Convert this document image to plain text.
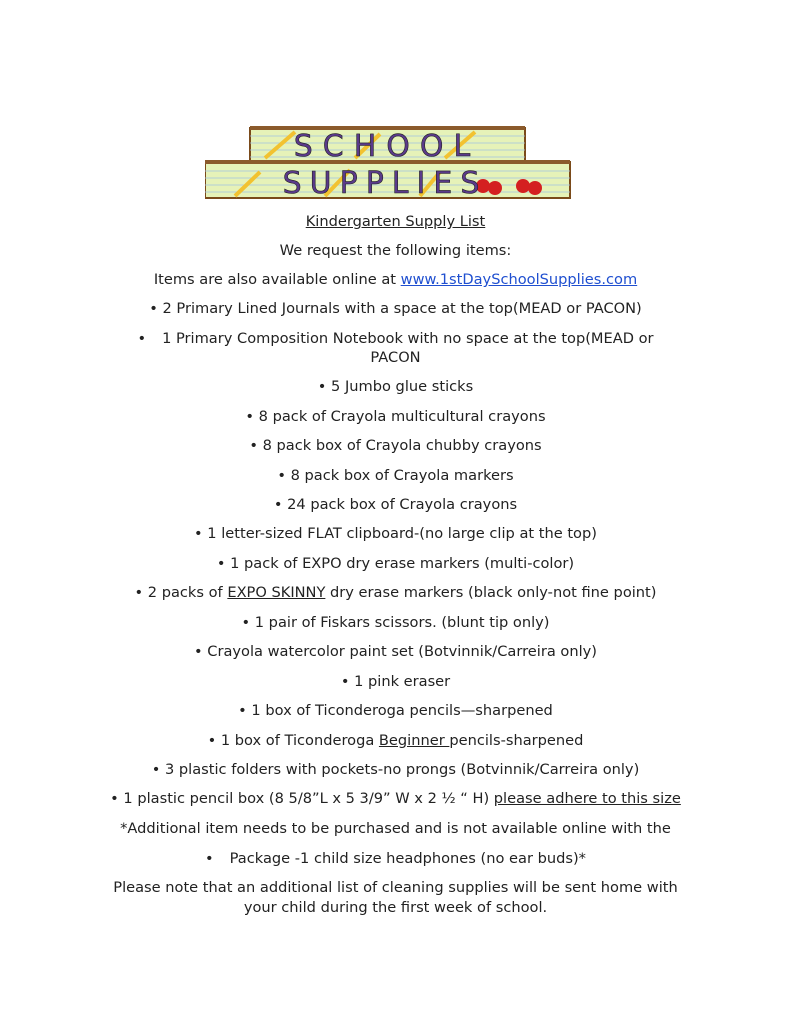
SCHOOL
SUPPLIES
Kindergarten Supply List
We request the following items:
Items are also available online at www.1stDaySchoolSupplies.com
• 2 Primary Lined Journals with a space at the top(MEAD or PACON)
• 1 Primary Composition Notebook with no space at the top(MEAD or
PACON
• 5 Jumbo glue sticks
• 8 pack of Crayola multicultural crayons
• 8 pack box of Crayola chubby crayons
• 8 pack box of Crayola markers
• 24 pack box of Crayola crayons
• 1 letter-sized FLAT clipboard-(no large clip at the top)
• 1 pack of EXPO dry erase markers (multi-color)
• 2 packs of EXPO SKINNY dry erase markers (black only-not fine point)
• 1 pair of Fiskars scissors. (blunt tip only)
• Crayola watercolor paint set (Botvinnik/Carreira only)
• 1 pink eraser
• 1 box of Ticonderoga pencils—sharpened
• 1 box of Ticonderoga Beginner pencils-sharpened
• 3 plastic folders with pockets-no prongs (Botvinnik/Carreira only)
• 1 plastic pencil box (8 5/8”L x 5 3/9” W x 2 ½ “ H) please adhere to this size
*Additional item needs to be purchased and is not available online with the
• Package -1 child size headphones (no ear buds)*
Please note that an additional list of cleaning supplies will be sent home with
your child during the first week of school.
